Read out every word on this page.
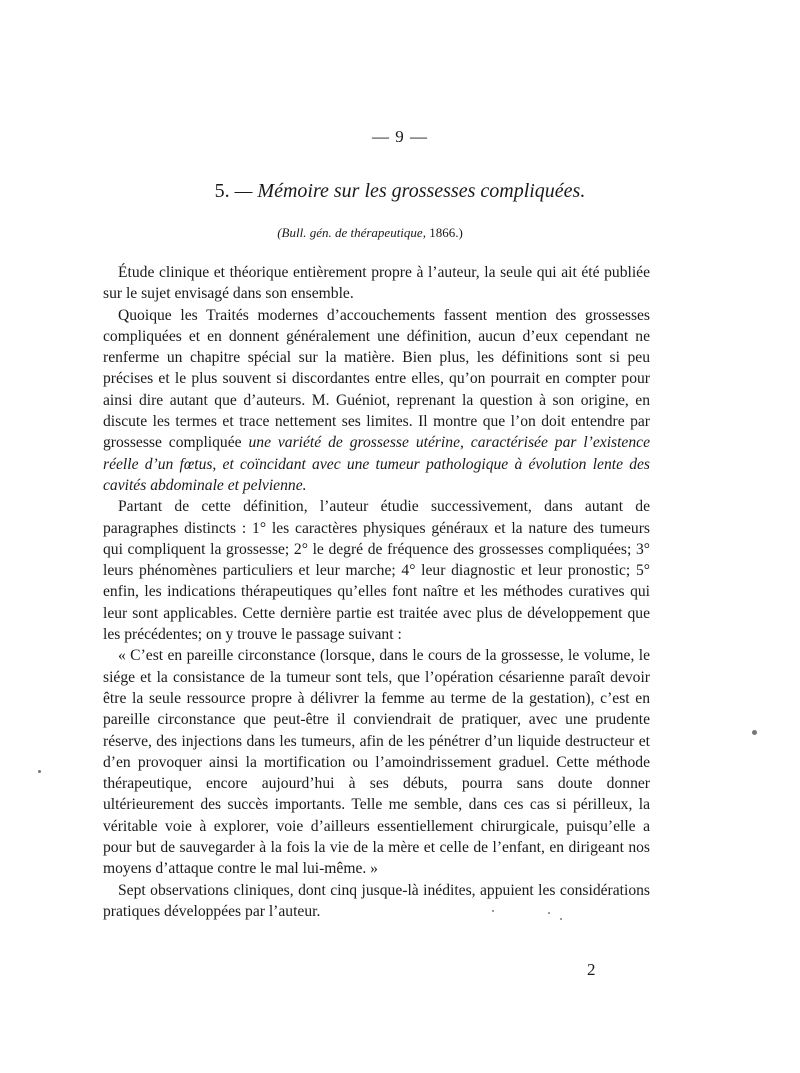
— 9 —
5. — Mémoire sur les grossesses compliquées.
(Bull. gén. de thérapeutique, 1866.)

Étude clinique et théorique entièrement propre à l’auteur, la seule qui ait été publiée sur le sujet envisagé dans son ensemble.

Quoique les Traités modernes d’accouchements fassent mention des grossesses compliquées et en donnent généralement une définition, aucun d’eux cependant ne renferme un chapitre spécial sur la matière. Bien plus, les définitions sont si peu précises et le plus souvent si discordantes entre elles, qu’on pourrait en compter pour ainsi dire autant que d’auteurs. M. Guéniot, reprenant la question à son origine, en discute les termes et trace nettement ses limites. Il montre que l’on doit entendre par grossesse compliquée une variété de grossesse utérine, caractérisée par l’existence réelle d’un fœtus, et coïncidant avec une tumeur pathologique à évolution lente des cavités abdominale et pelvienne.

Partant de cette définition, l’auteur étudie successivement, dans autant de paragraphes distincts : 1° les caractères physiques généraux et la nature des tumeurs qui compliquent la grossesse; 2° le degré de fréquence des grossesses compliquées; 3° leurs phénomènes particuliers et leur marche; 4° leur diagnostic et leur pronostic; 5° enfin, les indications thérapeutiques qu’elles font naître et les méthodes curatives qui leur sont applicables. Cette dernière partie est traitée avec plus de développement que les précédentes; on y trouve le passage suivant :

« C’est en pareille circonstance (lorsque, dans le cours de la grossesse, le volume, le siége et la consistance de la tumeur sont tels, que l’opération césarienne paraît devoir être la seule ressource propre à délivrer la femme au terme de la gestation), c’est en pareille circonstance que peut-être il conviendrait de pratiquer, avec une prudente réserve, des injections dans les tumeurs, afin de les pénétrer d’un liquide destructeur et d’en provoquer ainsi la mortification ou l’amoindrissement graduel. Cette méthode thérapeutique, encore aujourd’hui à ses débuts, pourra sans doute donner ultérieurement des succès importants. Telle me semble, dans ces cas si périlleux, la véritable voie à explorer, voie d’ailleurs essentiellement chirurgicale, puisqu’elle a pour but de sauvegarder à la fois la vie de la mère et celle de l’enfant, en dirigeant nos moyens d’attaque contre le mal lui-même. »

Sept observations cliniques, dont cinq jusque-là inédites, appuient les considérations pratiques développées par l’auteur.

2
